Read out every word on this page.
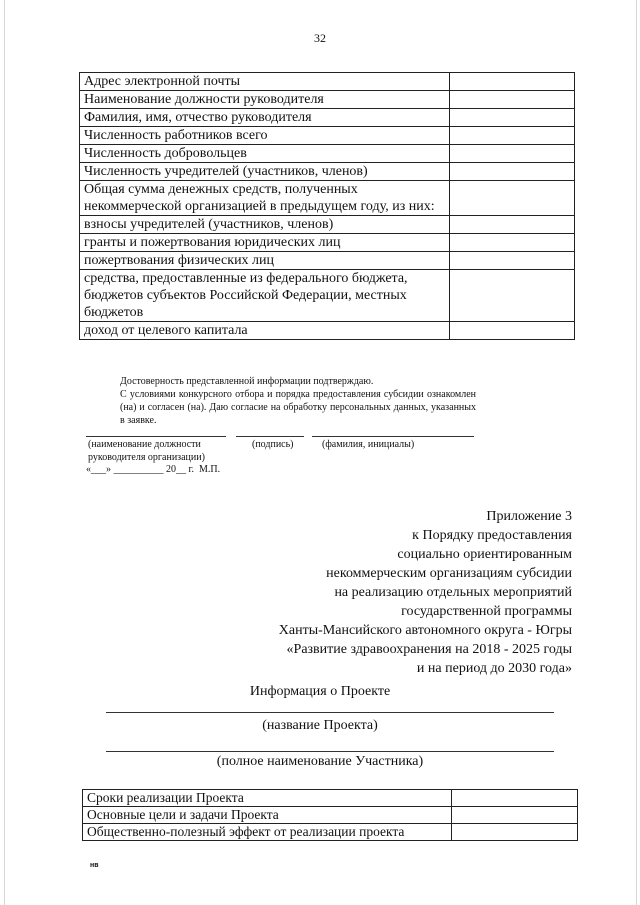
32
Адрес электронной почты	
Наименование должности руководителя	
Фамилия, имя, отчество руководителя	
Численность работников всего	
Численность добровольцев	
Численность учредителей (участников, членов)	
Общая сумма денежных средств, полученных некоммерческой организацией в предыдущем году, из них:	
взносы учредителей (участников, членов)	
гранты и пожертвования юридических лиц	
пожертвования физических лиц	
средства, предоставленные из федерального бюджета, бюджетов субъектов Российской Федерации, местных бюджетов	
доход от целевого капитала	

Достоверность представленной информации подтверждаю.

С условиями конкурсного отбора и порядка предоставления субсидии ознакомлен (на) и согласен (на). Даю согласие на обработку персональных данных, указанных в заявке.

(наименование должности руководителя организации)
(подпись)	(фамилия, инициалы)
«___» __________ 20__ г.  М.П.
Приложение 3
к Порядку предоставления
социально ориентированным
некоммерческим организациям субсидии
на реализацию отдельных мероприятий
государственной программы
Ханты-Мансийского автономного округа - Югры
«Развитие здравоохранения на 2018 - 2025 годы
и на период до 2030 года»
Информация о Проекте
(название Проекта)
(полное наименование Участника)
Сроки реализации Проекта	
Основные цели и задачи Проекта	
Общественно-полезный эффект от реализации проекта	
нв
